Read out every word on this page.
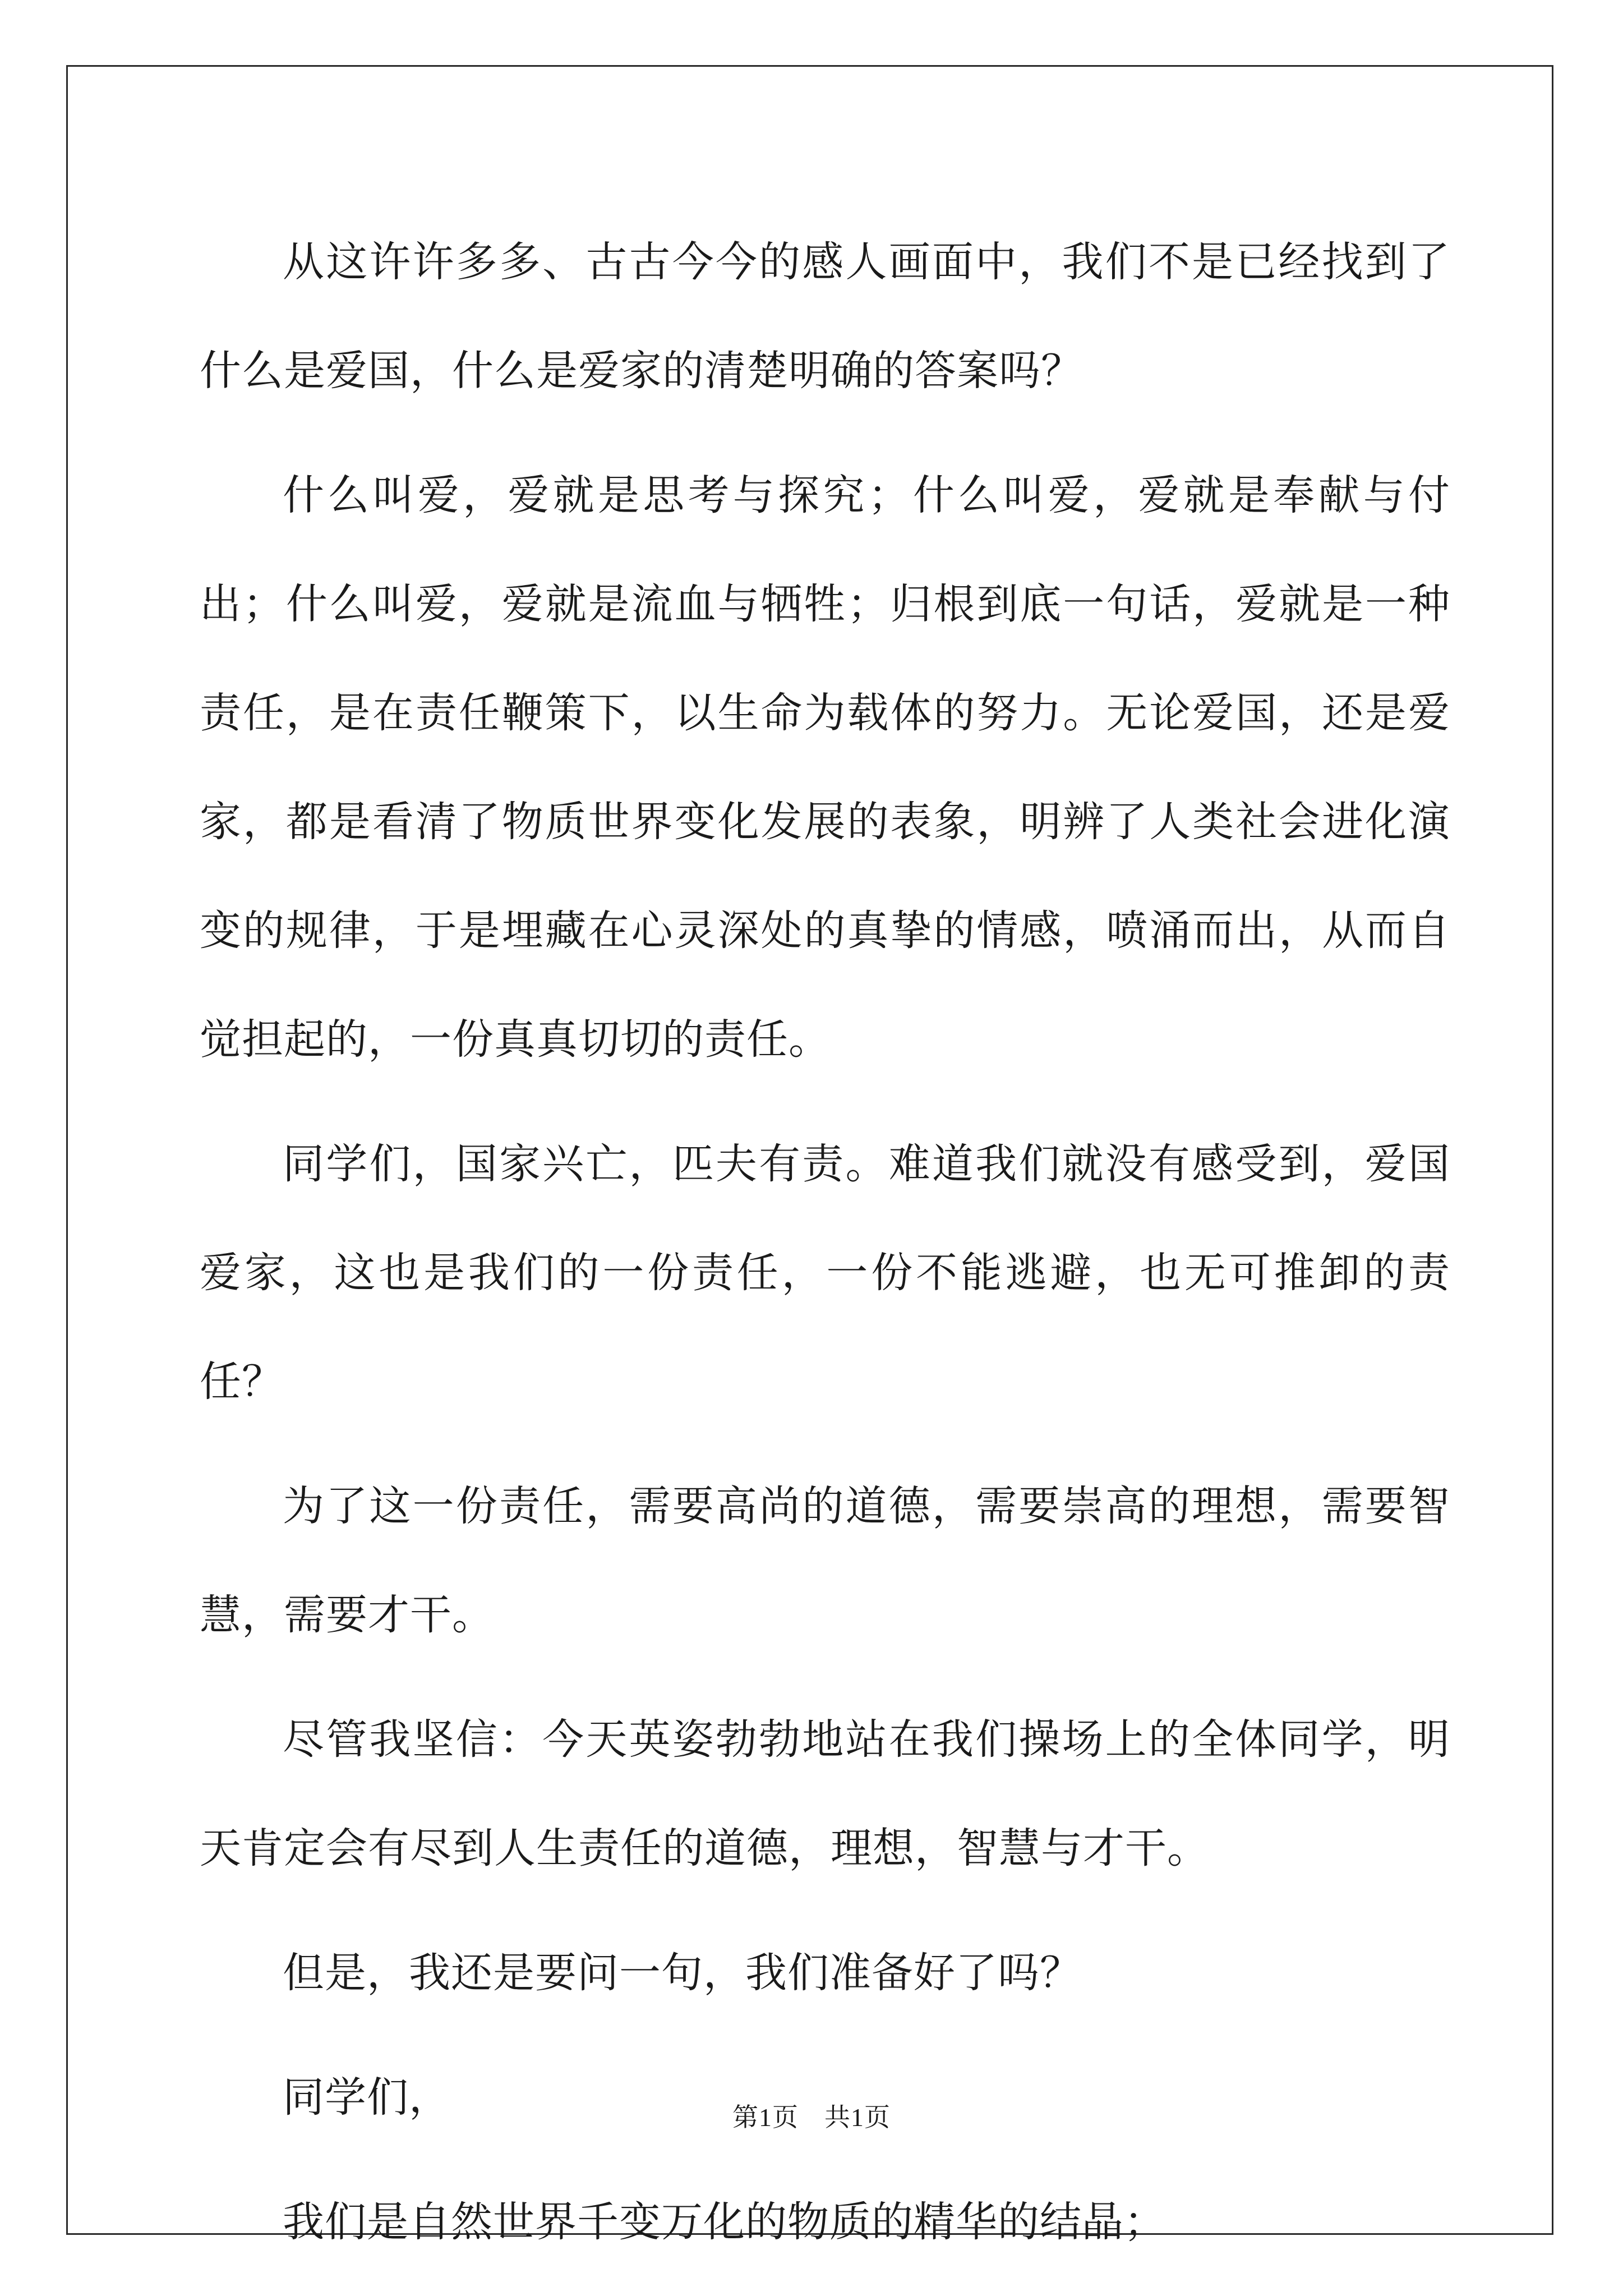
从这许许多多、古古今今的感人画面中，我们不是已经找到了什么是爱国，什么是爱家的清楚明确的答案吗？

什么叫爱，爱就是思考与探究；什么叫爱，爱就是奉献与付出；什么叫爱，爱就是流血与牺牲；归根到底一句话，爱就是一种责任，是在责任鞭策下，以生命为载体的努力。无论爱国，还是爱家，都是看清了物质世界变化发展的表象，明辨了人类社会进化演变的规律，于是埋藏在心灵深处的真挚的情感，喷涌而出，从而自觉担起的，一份真真切切的责任。

同学们，国家兴亡，匹夫有责。难道我们就没有感受到，爱国爱家，这也是我们的一份责任，一份不能逃避，也无可推卸的责任？

为了这一份责任，需要高尚的道德，需要崇高的理想，需要智慧，需要才干。

尽管我坚信：今天英姿勃勃地站在我们操场上的全体同学，明天肯定会有尽到人生责任的道德，理想，智慧与才干。

但是，我还是要问一句，我们准备好了吗？

同学们，

我们是自然世界千变万化的物质的精华的结晶；

第1页 共1页
